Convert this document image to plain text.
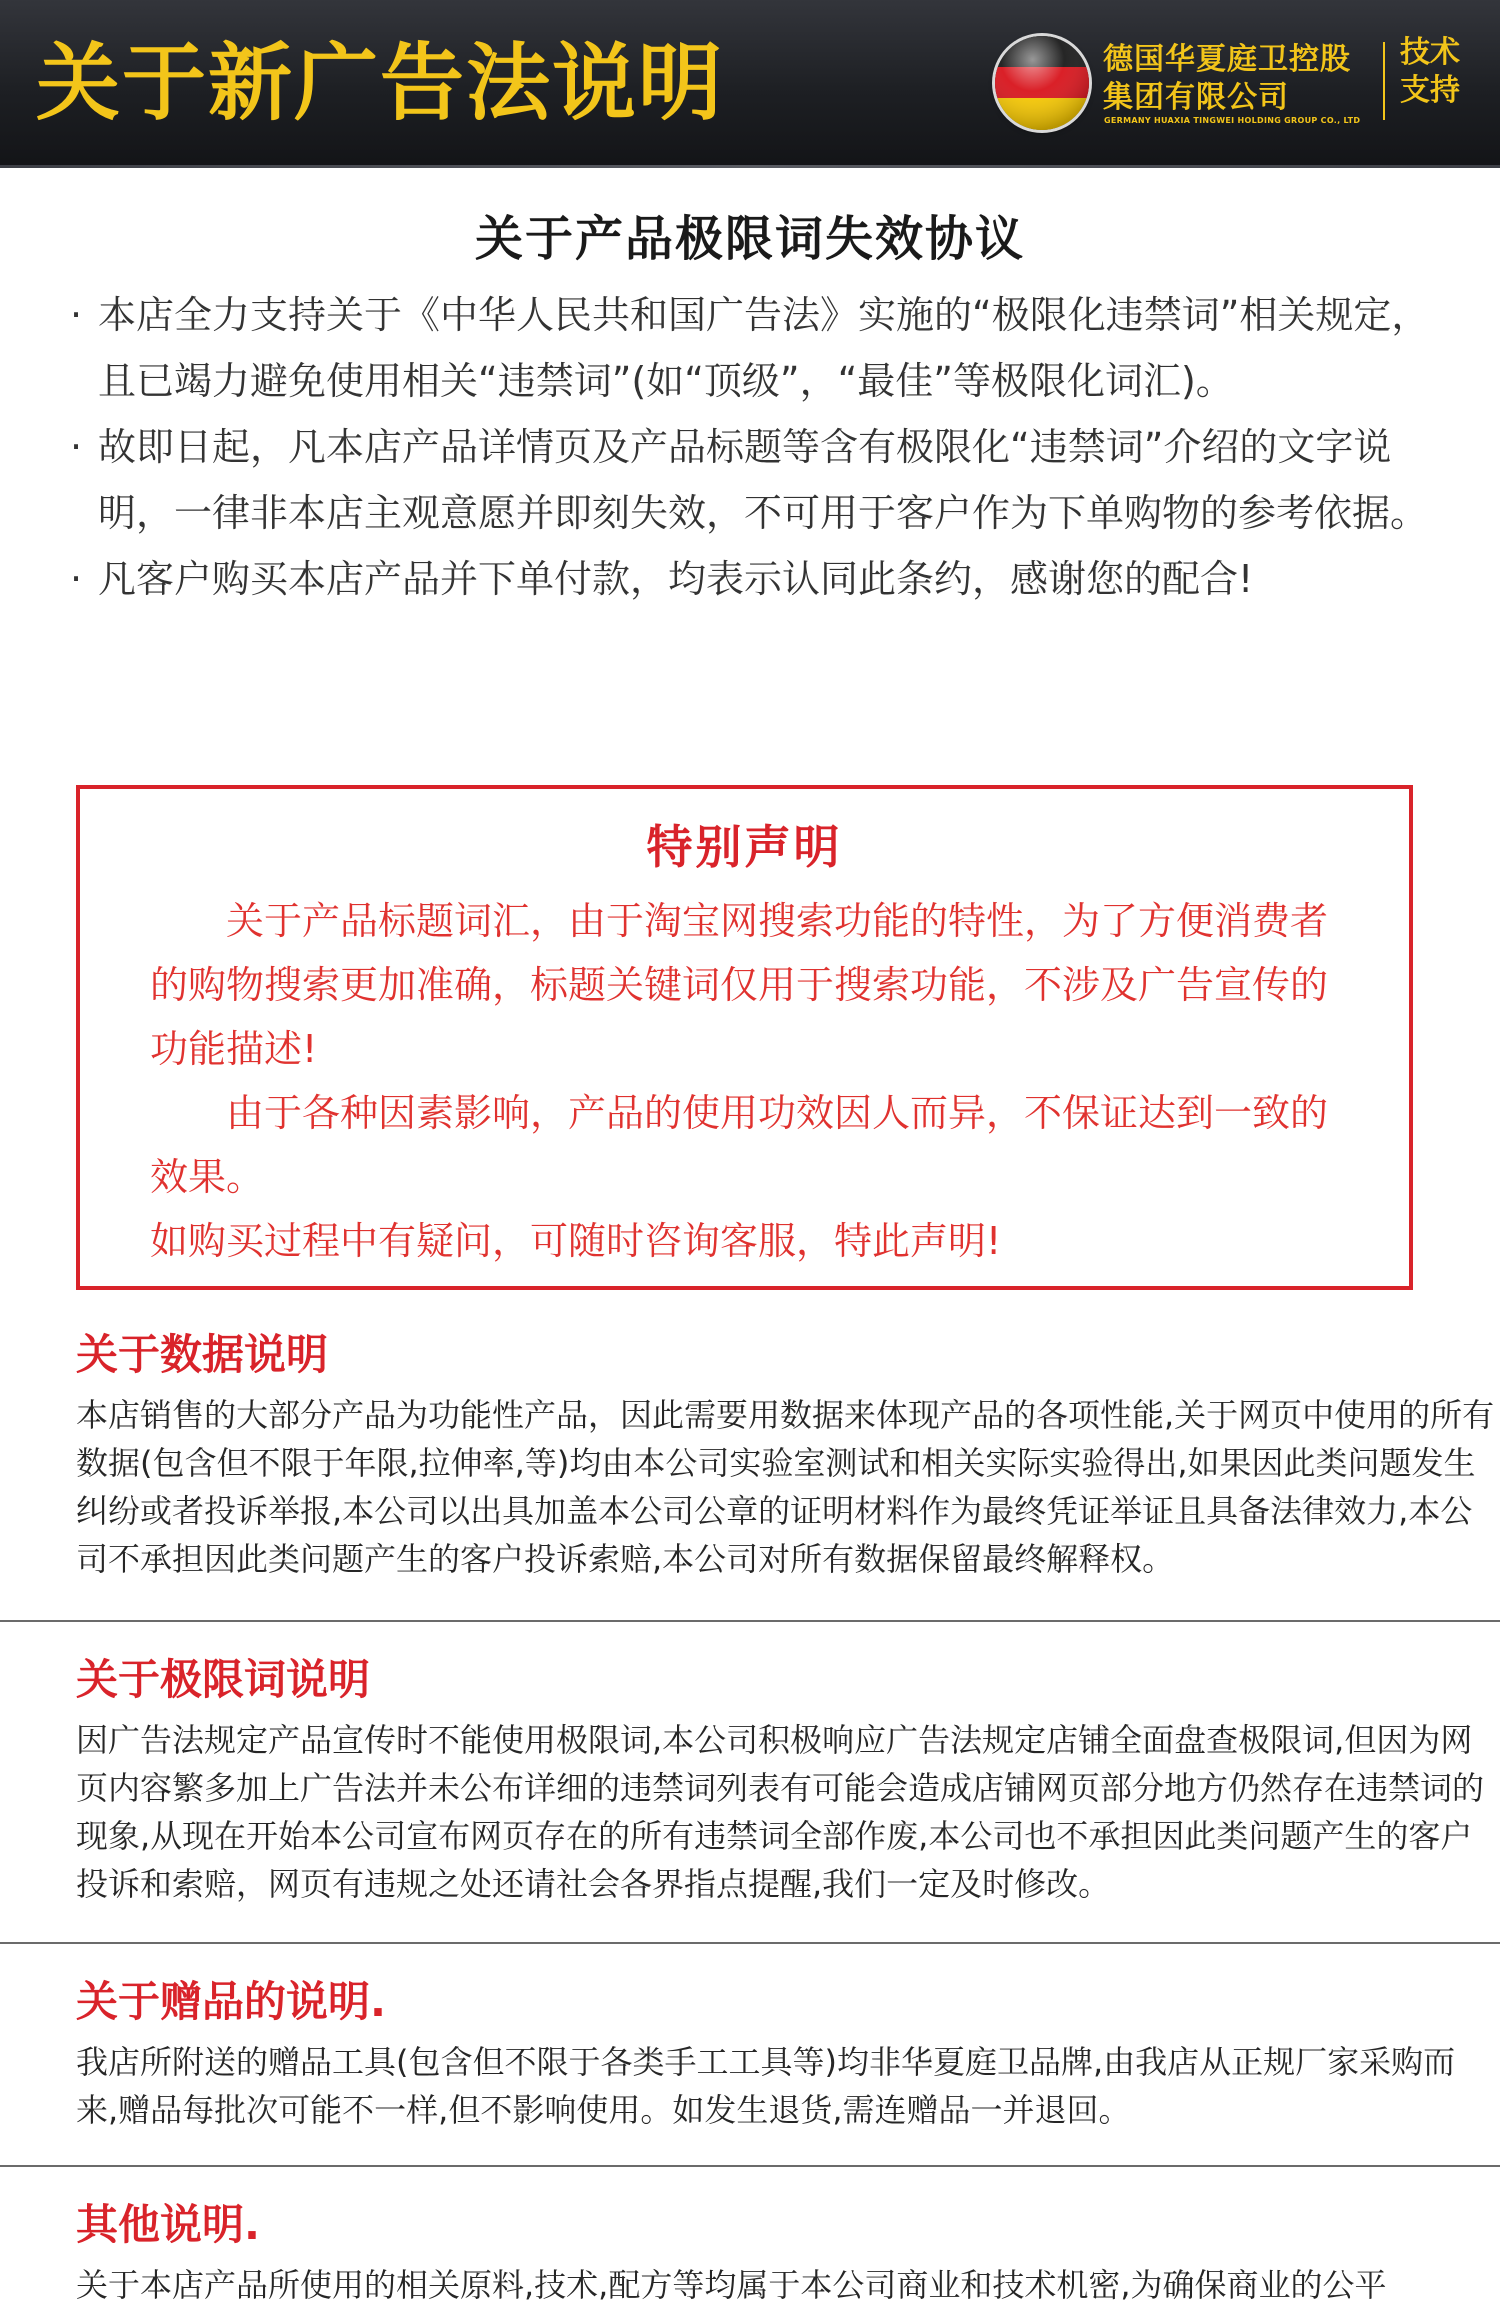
关于新广告法说明	德国华夏庭卫控股
集团有限公司
GERMANY HUAXIA TINGWEI HOLDING GROUP CO., LTD
技术支持
关于产品极限词失效协议
· 本店全力支持关于《中华人民共和国广告法》实施的“极限化违禁词”相关规定，且已竭力避免使用相关“违禁词”(如“顶级”，“最佳”等极限化词汇)。
· 故即日起，凡本店产品详情页及产品标题等含有极限化“违禁词”介绍的文字说明，一律非本店主观意愿并即刻失效，不可用于客户作为下单购物的参考依据。
· 凡客户购买本店产品并下单付款，均表示认同此条约，感谢您的配合!
特别声明

关于产品标题词汇，由于淘宝网搜索功能的特性，为了方便消费者的购物搜索更加准确，标题关键词仅用于搜索功能，不涉及广告宣传的功能描述!

由于各种因素影响，产品的使用功效因人而异，不保证达到一致的效果。

如购买过程中有疑问，可随时咨询客服，特此声明!

关于数据说明
本店销售的大部分产品为功能性产品，因此需要用数据来体现产品的各项性能,关于网页中使用的所有数据(包含但不限于年限,拉伸率,等)均由本公司实验室测试和相关实际实验得出,如果因此类问题发生纠纷或者投诉举报,本公司以出具加盖本公司公章的证明材料作为最终凭证举证且具备法律效力,本公司不承担因此类问题产生的客户投诉索赔,本公司对所有数据保留最终解释权。
关于极限词说明
因广告法规定产品宣传时不能使用极限词,本公司积极响应广告法规定店铺全面盘查极限词,但因为网页内容繁多加上广告法并未公布详细的违禁词列表有可能会造成店铺网页部分地方仍然存在违禁词的现象,从现在开始本公司宣布网页存在的所有违禁词全部作废,本公司也不承担因此类问题产生的客户投诉和索赔，网页有违规之处还请社会各界指点提醒,我们一定及时修改。
关于赠品的说明.
我店所附送的赠品工具(包含但不限于各类手工工具等)均非华夏庭卫品牌,由我店从正规厂家采购而来,赠品每批次可能不一样,但不影响使用。如发生退货,需连赠品一并退回。
其他说明.
关于本店产品所使用的相关原料,技术,配方等均属于本公司商业和技术机密,为确保商业的公平
